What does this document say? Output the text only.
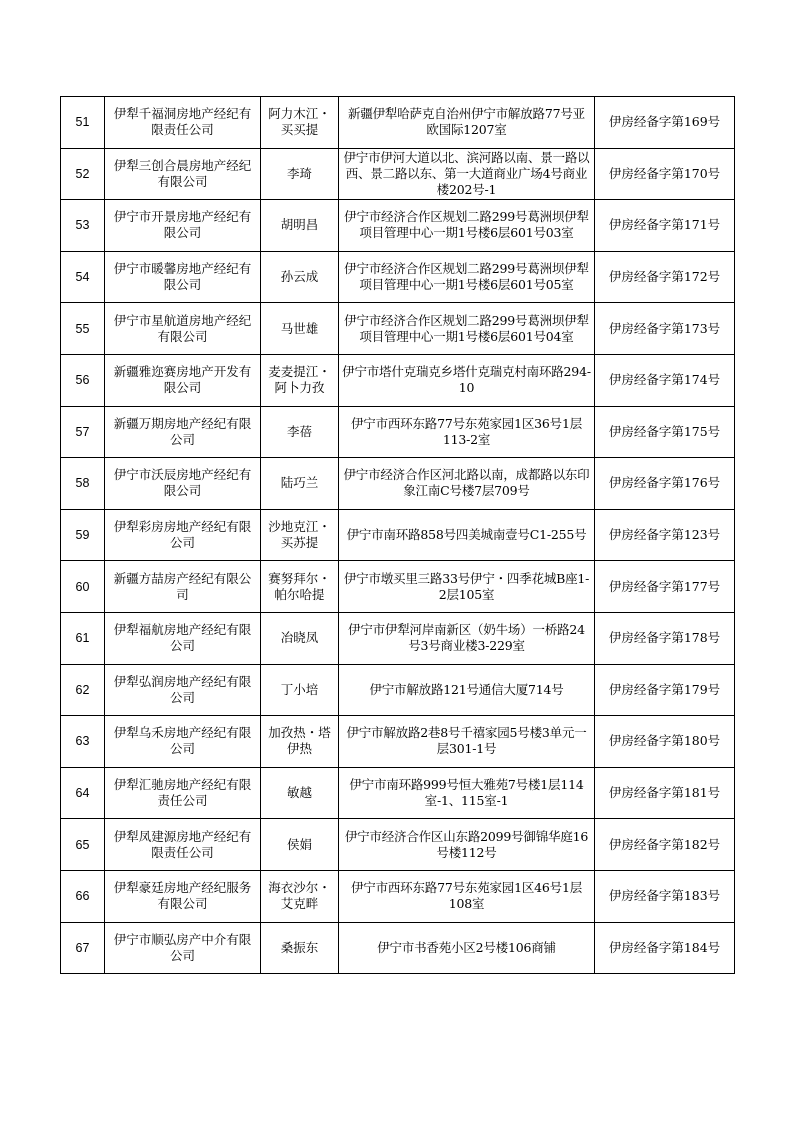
51	伊犁千福洞房地产经纪有限责任公司	阿力木江・买买提	新疆伊犁哈萨克自治州伊宁市解放路77号亚欧国际1207室	伊房经备字第169号

52	伊犁三创合晨房地产经纪有限公司	李琦	伊宁市伊河大道以北、滨河路以南、景一路以西、景二路以东、第一大道商业广场4号商业楼202号-1	伊房经备字第170号

53	伊宁市开景房地产经纪有限公司	胡明昌	伊宁市经济合作区规划二路299号葛洲坝伊犁项目管理中心一期1号楼6层601号03室	伊房经备字第171号

54	伊宁市暖馨房地产经纪有限公司	孙云成	伊宁市经济合作区规划二路299号葛洲坝伊犁项目管理中心一期1号楼6层601号05室	伊房经备字第172号

55	伊宁市星航道房地产经纪有限公司	马世雄	伊宁市经济合作区规划二路299号葛洲坝伊犁项目管理中心一期1号楼6层601号04室	伊房经备字第173号

56	新疆雅迩赛房地产开发有限公司	麦麦提江・阿卜力孜	伊宁市塔什克瑞克乡塔什克瑞克村南环路294-10	伊房经备字第174号

57	新疆万期房地产经纪有限公司	李蓓	伊宁市西环东路77号东苑家园1区36号1层113-2室	伊房经备字第175号

58	伊宁市沃辰房地产经纪有限公司	陆巧兰	伊宁市经济合作区河北路以南，成都路以东印象江南C号楼7层709号	伊房经备字第176号

59	伊犁彩房房地产经纪有限公司	沙地克江・买苏提	伊宁市南环路858号四美城南壹号C1-255号	伊房经备字第123号

60	新疆方喆房产经纪有限公司	赛努拜尔・帕尔哈提	伊宁市墩买里三路33号伊宁・四季花城B座1-2层105室	伊房经备字第177号

61	伊犁福航房地产经纪有限公司	冶晓凤	伊宁市伊犁河岸南新区（奶牛场）一桥路24号3号商业楼3-229室	伊房经备字第178号

62	伊犁弘润房地产经纪有限公司	丁小培	伊宁市解放路121号通信大厦714号	伊房经备字第179号

63	伊犁乌禾房地产经纪有限公司	加孜热・塔伊热	伊宁市解放路2巷8号千禧家园5号楼3单元一层301-1号	伊房经备字第180号

64	伊犁汇驰房地产经纪有限责任公司	敏越	伊宁市南环路999号恒大雅苑7号楼1层114室-1、115室-1	伊房经备字第181号

65	伊犁凤建源房地产经纪有限责任公司	侯娟	伊宁市经济合作区山东路2099号御锦华庭16号楼112号	伊房经备字第182号

66	伊犁豪廷房地产经纪服务有限公司	海衣沙尔・艾克畔	伊宁市西环东路77号东苑家园1区46号1层108室	伊房经备字第183号

67	伊宁市顺弘房产中介有限公司	桑振东	伊宁市书香苑小区2号楼106商铺	伊房经备字第184号
